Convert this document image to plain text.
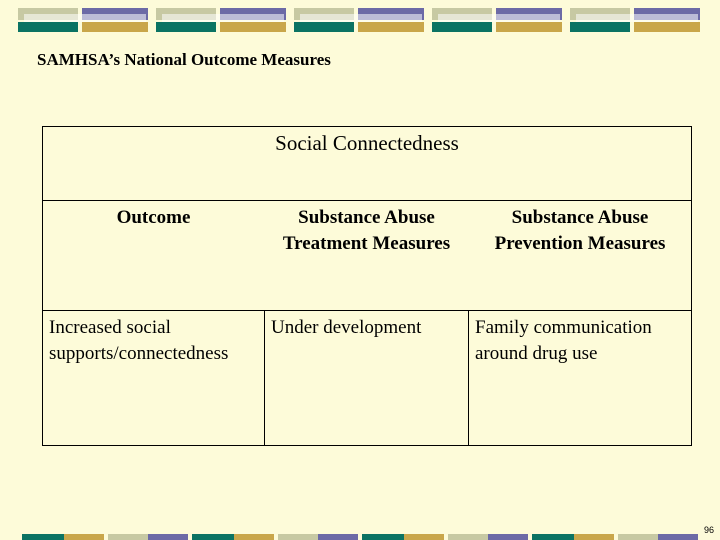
SAMHSA’s National Outcome Measures
Social Connectedness		
Outcome	Substance Abuse Treatment Measures	Substance Abuse Prevention Measures
Increased social supports/connectedness	Under development	Family communication around drug use
96
